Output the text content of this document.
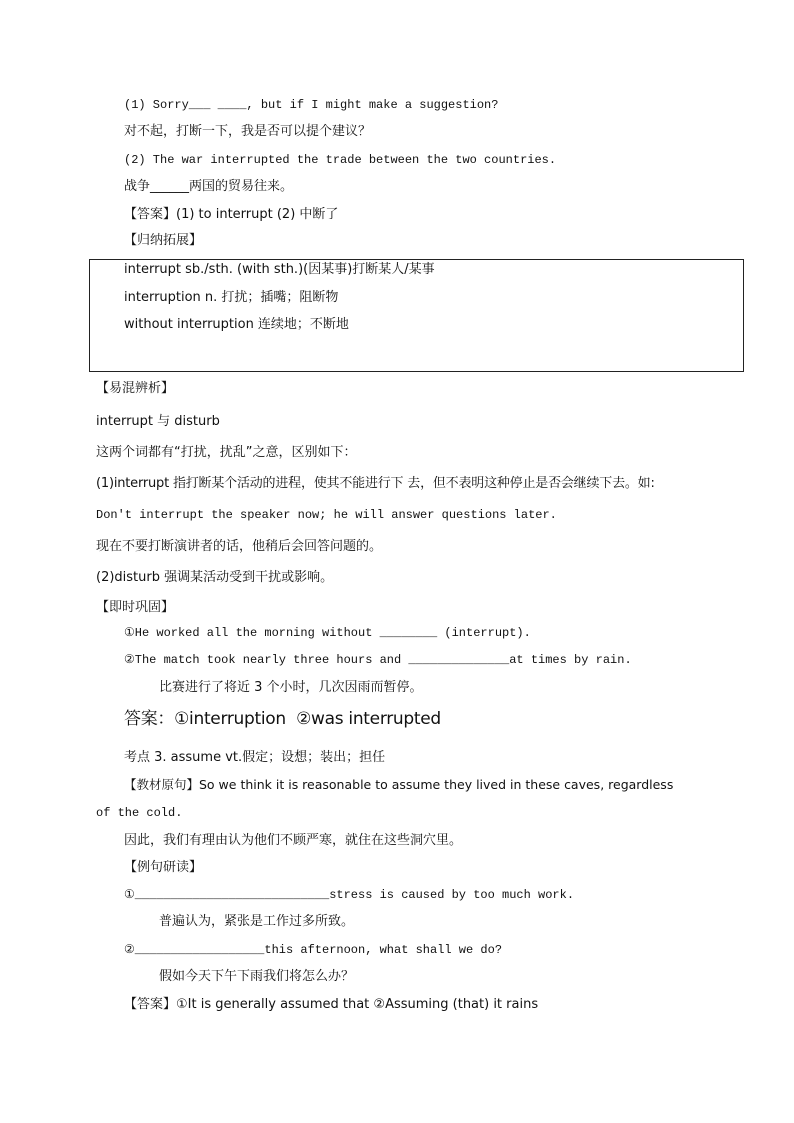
(1) Sorry___ ____, but if I might make a suggestion?
对不起，打断一下，我是否可以提个建议？
(2) The war interrupted the trade between the two countries.
战争______两国的贸易往来。
【答案】(1) to interrupt (2) 中断了
【归纳拓展】
interrupt sb./sth. (with sth.)(因某事)打断某人/某事
interruption n. 打扰；插嘴；阻断物
without interruption 连续地；不断地
【易混辨析】
interrupt 与 disturb
这两个词都有“打扰，扰乱”之意，区别如下：
(1)interrupt 指打断某个活动的进程，使其不能进行下 去，但不表明这种停止是否会继续下去。如:
Don't interrupt the speaker now; he will answer questions later.
现在不要打断演讲者的话，他稍后会回答问题的。
(2)disturb 强调某活动受到干扰或影响。
【即时巩固】
①He worked all the morning without ________ (interrupt).
②The match took nearly three hours and ______________at times by rain.
比赛进行了将近 3 个小时，几次因雨而暂停。
答案：①interruption  ②was interrupted
考点 3. assume vt.假定；设想；装出；担任
【教材原句】So we think it is reasonable to assume they lived in these caves, regardless
of the cold.
因此，我们有理由认为他们不顾严寒，就住在这些洞穴里。
【例句研读】
①___________________________stress is caused by too much work.
普遍认为，紧张是工作过多所致。
②__________________this afternoon, what shall we do?
假如今天下午下雨我们将怎么办？
【答案】①It is generally assumed that ②Assuming (that) it rains
